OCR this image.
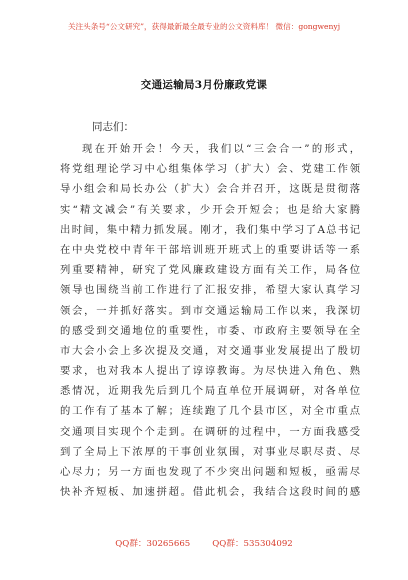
关注头条号“公文研究”，获得最新最全最专业的公文资料库！ 微信：gongwenyj
交通运输局3月份廉政党课
同志们：
现在开始开会！今天，我们以“三会合一”的形式，
将党组理论学习中心组集体学习（扩大）会、党建工作领
导小组会和局长办公（扩大）会合并召开，这既是贯彻落
实“精文减会”有关要求，少开会开短会；也是给大家腾
出时间，集中精力抓发展。刚才，我们集中学习了A总书记
在中央党校中青年干部培训班开班式上的重要讲话等一系
列重要精神，研究了党风廉政建设方面有关工作，局各位
领导也围绕当前工作进行了汇报安排，希望大家认真学习
领会，一并抓好落实。到市交通运输局工作以来，我深切
的感受到交通地位的重要性，市委、市政府主要领导在全
市大会小会上多次提及交通，对交通事业发展提出了殷切
要求，也对我本人提出了谆谆教诲。为尽快进入角色、熟
悉情况，近期我先后到几个局直单位开展调研，对各单位
的工作有了基本了解；连续跑了几个县市区，对全市重点
交通项目实现个个走到。在调研的过程中，一方面我感受
到了全局上下浓厚的干事创业氛围，对事业尽职尽责、尽
心尽力；另一方面也发现了不少突出问题和短板，亟需尽
快补齐短板、加速拼超。借此机会，我结合这段时间的感
QQ群：30265665	QQ群：535304092
